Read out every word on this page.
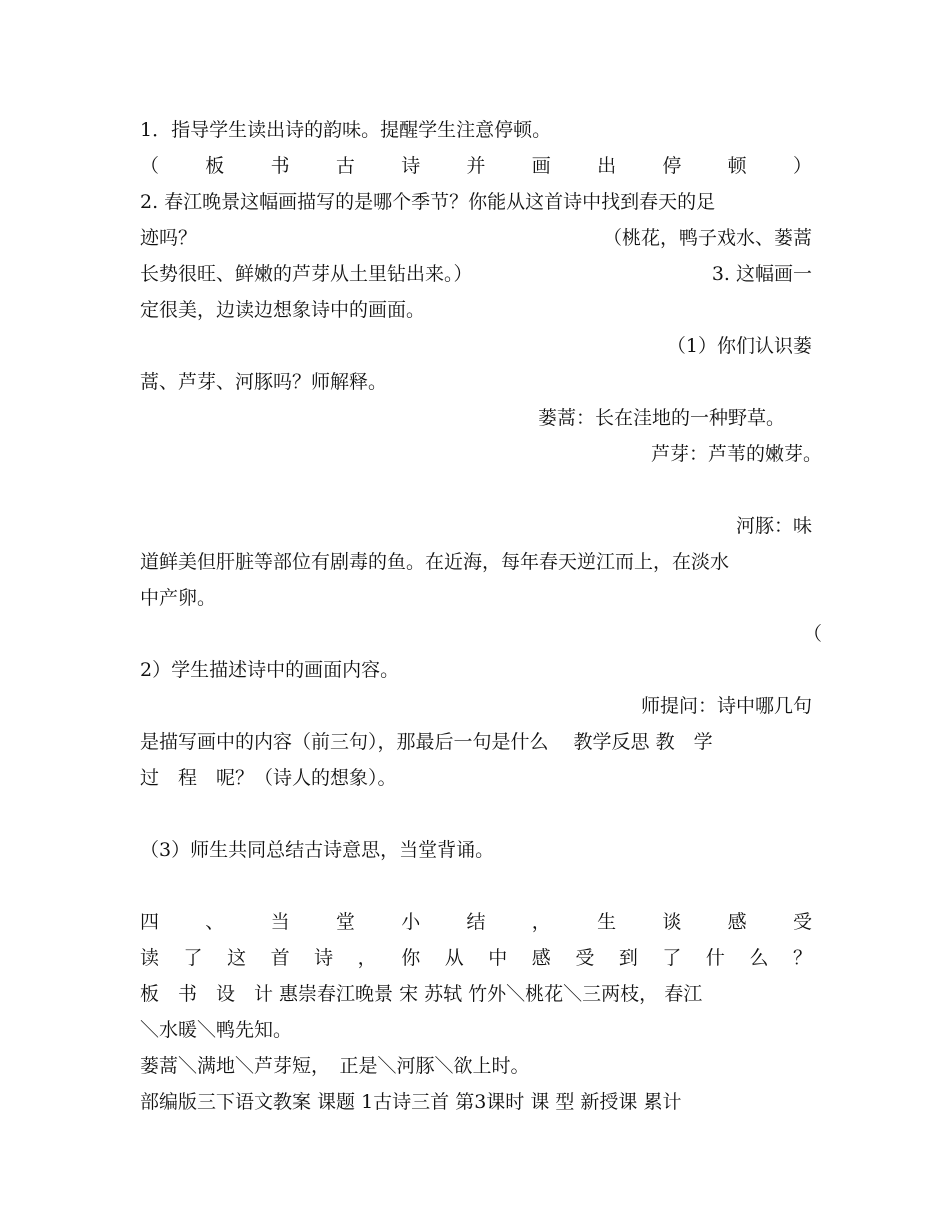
1．指导学生读出诗的韵味。提醒学生注意停顿。
（ 板 书 古 诗 并 画 出 停 顿 ）
2. 春江晚景这幅画描写的是哪个季节？你能从这首诗中找到春天的足
迹吗？	（桃花，鸭子戏水、蒌蒿
长势很旺、鲜嫩的芦芽从土里钻出来。）	3. 这幅画一
定很美，边读边想象诗中的画面。
（1）你们认识蒌
蒿、芦芽、河豚吗？师解释。
蒌蒿：长在洼地的一种野草。
芦芽：芦苇的嫩芽。
河豚：味
道鲜美但肝脏等部位有剧毒的鱼。在近海，每年春天逆江而上，在淡水
中产卵。
（
2）学生描述诗中的画面内容。
师提问：诗中哪几句
是描写画中的内容（前三句），那最后一句是什么　 教学反思 教　学
过　程　呢？（诗人的想象）。
（3）师生共同总结古诗意思，当堂背诵。
四 、 当 堂 小 结 ， 生 谈 感 受
读 了 这 首 诗 ， 你 从 中 感 受 到 了 什 么 ？
板　书　设　计 惠崇春江晚景 宋 苏轼 竹外＼桃花＼三两枝， 春江
＼水暖＼鸭先知。
蒌蒿＼满地＼芦芽短，　正是＼河豚＼欲上时。
部编版三下语文教案 课题 1古诗三首 第3课时 课 型 新授课 累计
